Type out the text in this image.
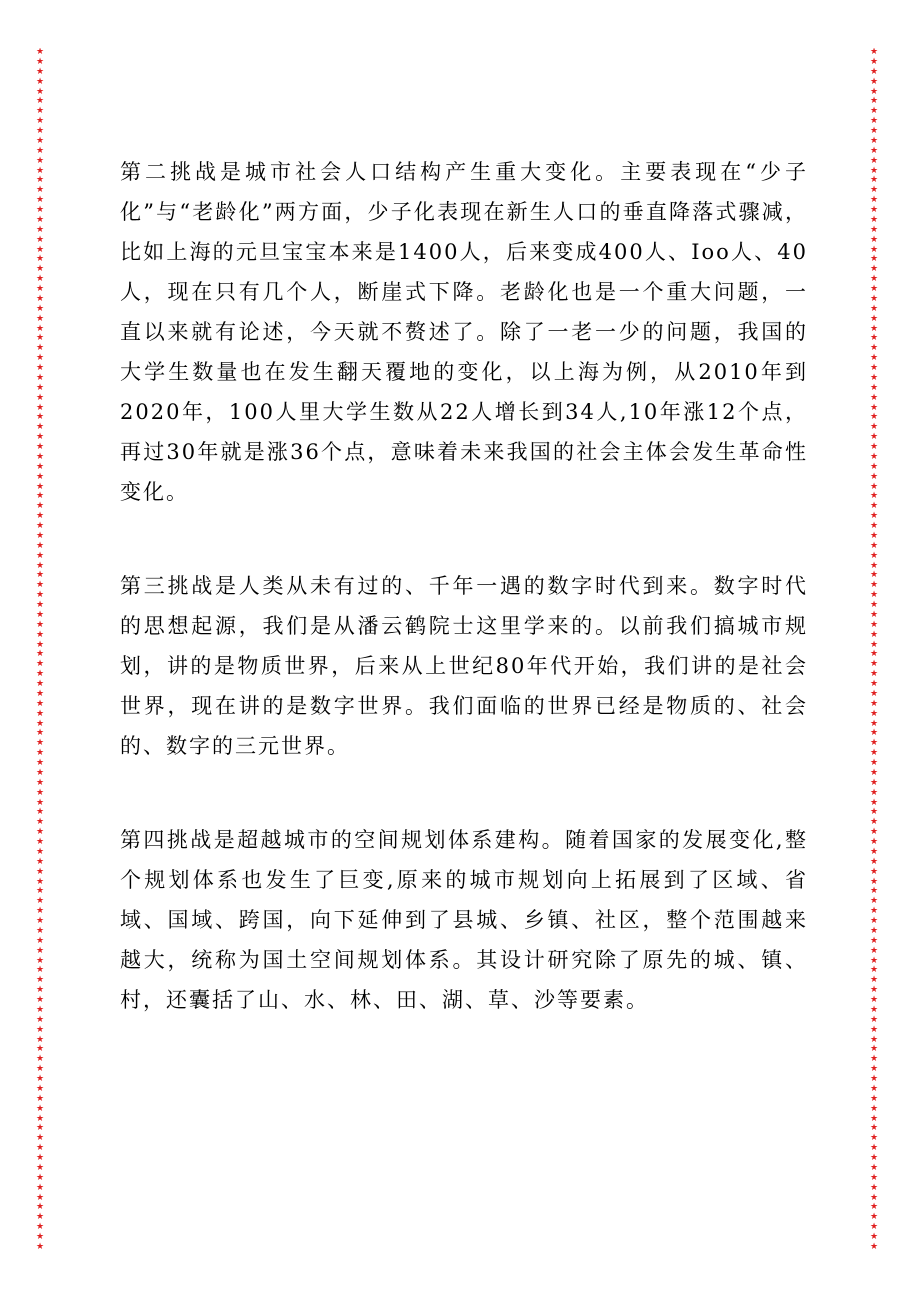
★
★
★
★
★
★
★
★
★
★
★
★
★
★
★
★
★
★
★
★
★
★
★
★
★
★
★
★
★
★
★
★
★
★
★
★
★
★
★
★
★
★
★
★
★
★
★
★
★
★
★
★
★
★
★
★
★
★
★
★
★
★
★
★
★
★
★
★
★
★
★
★
★
★
★
★
★
★
★
★
★
★
★
★
★
★
★
★
★
★
★
★
★
★
★
★
★
★
★
★
★
★
★
★
★
★
★
★
★
★
★
★
★
★
★
★
★
★
★
★
★
★
★
★
★
★
★
★
★
★
★
★
★
★
★
★
★
★
★
★
★
★
★
★
★
★
★
★
★
★
★
★
★
★
★
★
★
★
★
★
★
★
★
★
★
★
★
★
★
★
★
★
★
★
★
★
★
★
★
★
★
★
★
★
★
★
★
★
★
★
★
★
★
★
★
★
★
★
★
★
★
★
★
★
★
★
★
★
★
★
★
★
★
★
★
★
★
★
★
★
★
★
★
★
★
★
★
★
★
★
★
★
★
★
★
★
★
★
★
★
★
★
★
★

第二挑战是城市社会人口结构产生重大变化。主要表现在“少子化”与“老龄化”两方面，少子化表现在新生人口的垂直降落式骤减，比如上海的元旦宝宝本来是1400人，后来变成400人、Ioo人、40人，现在只有几个人，断崖式下降。老龄化也是一个重大问题，一直以来就有论述，今天就不赘述了。除了一老一少的问题，我国的大学生数量也在发生翻天覆地的变化，以上海为例，从2010年到2020年，100人里大学生数从22人增长到34人,10年涨12个点，再过30年就是涨36个点，意味着未来我国的社会主体会发生革命性变化。

第三挑战是人类从未有过的、千年一遇的数字时代到来。数字时代的思想起源，我们是从潘云鹤院士这里学来的。以前我们搞城市规划，讲的是物质世界，后来从上世纪80年代开始，我们讲的是社会世界，现在讲的是数字世界。我们面临的世界已经是物质的、社会的、数字的三元世界。

第四挑战是超越城市的空间规划体系建构。随着国家的发展变化,整个规划体系也发生了巨变,原来的城市规划向上拓展到了区域、省域、国域、跨国，向下延伸到了县城、乡镇、社区，整个范围越来越大，统称为国土空间规划体系。其设计研究除了原先的城、镇、村，还囊括了山、水、林、田、湖、草、沙等要素。
